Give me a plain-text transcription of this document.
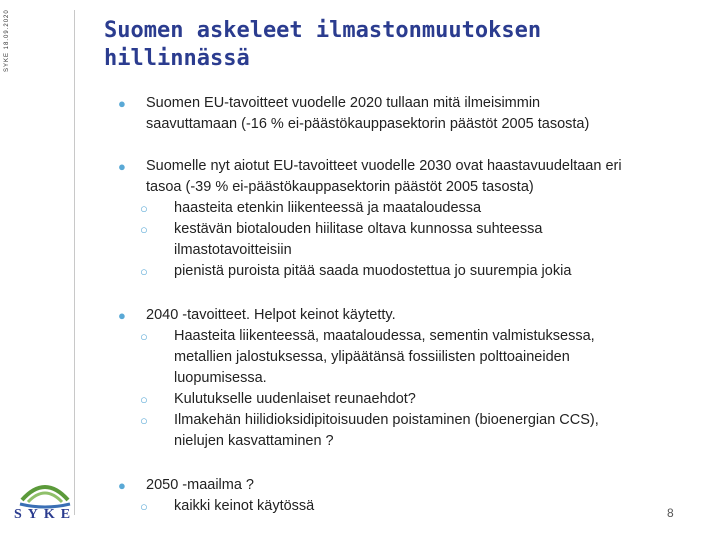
SYKE 18.09.2020	Suomen askeleet ilmastonmuutoksen hillinnässä
● Suomen EU-tavoitteet vuodelle 2020 tullaan mitä ilmeisimmin
saavuttamaan (-16 % ei-päästökauppasektorin päästöt 2005 tasosta)
● Suomelle nyt aiotut EU-tavoitteet vuodelle 2030 ovat haastavuudeltaan eri
tasoa (-39 % ei-päästökauppasektorin päästöt 2005 tasosta)
○	haasteita etenkin liikenteessä ja maataloudessa
○	kestävän biotalouden hiilitase oltava kunnossa suhteessa
ilmastotavoitteisiin
○	pienistä puroista pitää saada muodostettua jo suurempia jokia
● 2040 -tavoitteet. Helpot keinot käytetty.
○	Haasteita liikenteessä, maataloudessa, sementin valmistuksessa,
metallien jalostuksessa, ylipäätänsä fossiilisten polttoaineiden
luopumisessa.
○	Kulutukselle uudenlaiset reunaehdot?
○	Ilmakehän hiilidioksidipitoisuuden poistaminen (bioenergian CCS),
nielujen kasvattaminen ?
● 2050 -maailma ?
○	kaikki keinot käytössä
SYKE	8
